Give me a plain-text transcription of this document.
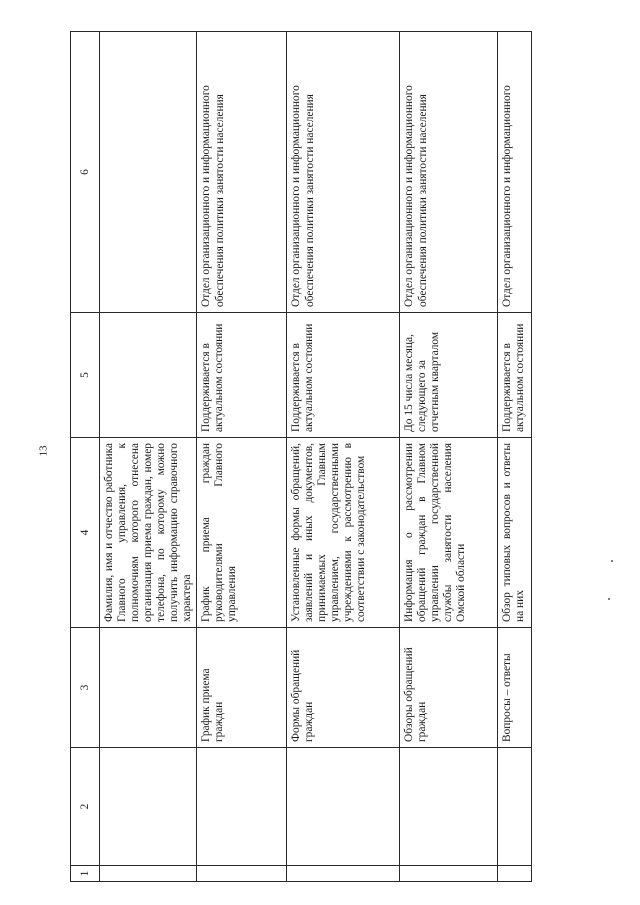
13
1	2	3	4	5	6
			Фамилия, имя и отчество работника Главного управления, к полномочиям которого отнесена организация приема граждан, номер телефона, по которому можно получить информацию справочного характера		
		График приема граждан	График приема граждан руководителями Главного управления	Поддерживается в актуальном состоянии	Отдел организационного и информационного обеспечения политики занятости населения
		Формы обращений граждан	Установленные формы обращений, заявлений и иных документов, принимаемых Главным управлением, государственными учреждениями к рассмотрению в соответствии с законодательством	Поддерживается в актуальном состоянии	Отдел организационного и информационного обеспечения политики занятости населения
		Обзоры обращений граждан	Информация о рассмотрении обращений граждан в Главном управлении государственной службы занятости населения Омской области	До 15 числа месяца, следующего за отчетным кварталом	Отдел организационного и информационного обеспечения политики занятости населения
		Вопросы – ответы	Обзор типовых вопросов и ответы на них	Поддерживается в актуальном состоянии	Отдел организационного и информационного
